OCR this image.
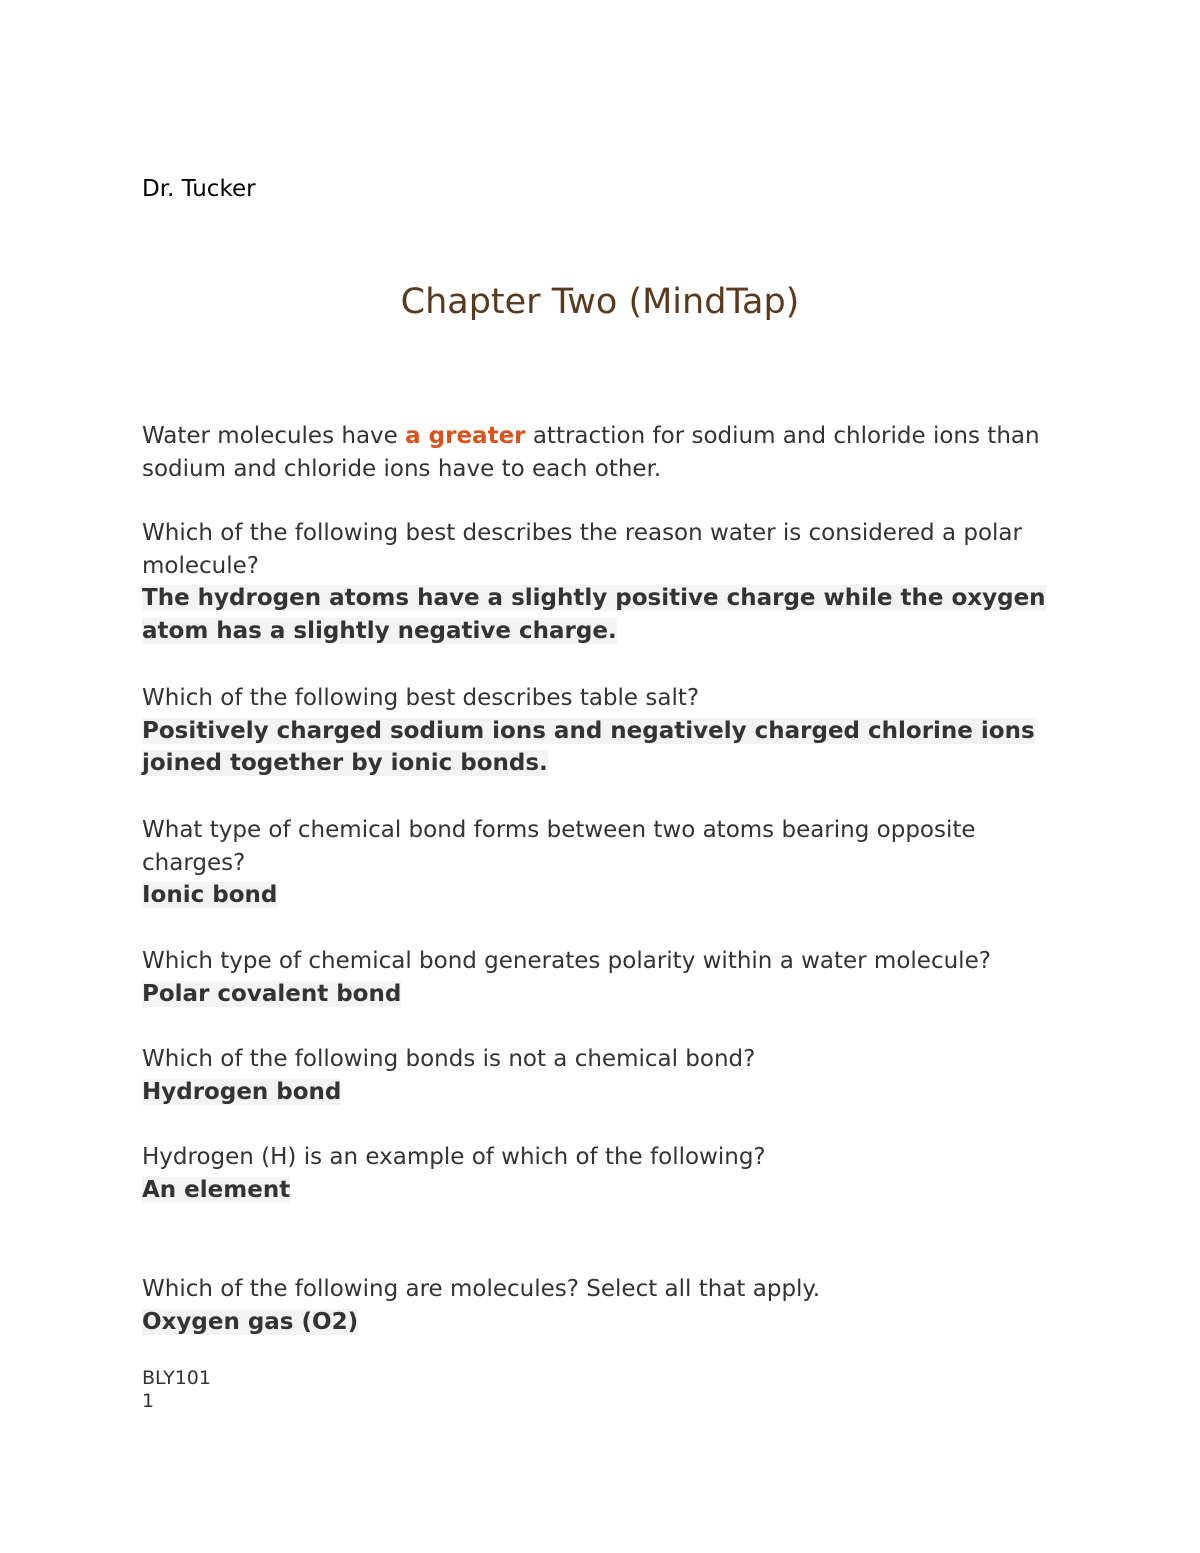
Dr. Tucker

Chapter Two (MindTap)

Water molecules have a greater attraction for sodium and chloride ions than sodium and chloride ions have to each other.

Which of the following best describes the reason water is considered a polar molecule?

The hydrogen atoms have a slightly positive charge while the oxygen atom has a slightly negative charge.

Which of the following best describes table salt?

Positively charged sodium ions and negatively charged chlorine ions joined together by ionic bonds.

What type of chemical bond forms between two atoms bearing opposite charges?

Ionic bond

Which type of chemical bond generates polarity within a water molecule?

Polar covalent bond

Which of the following bonds is not a chemical bond?

Hydrogen bond

Hydrogen (H) is an example of which of the following?

An element

Which of the following are molecules? Select all that apply.

Oxygen gas (O2)

BLY101
1
